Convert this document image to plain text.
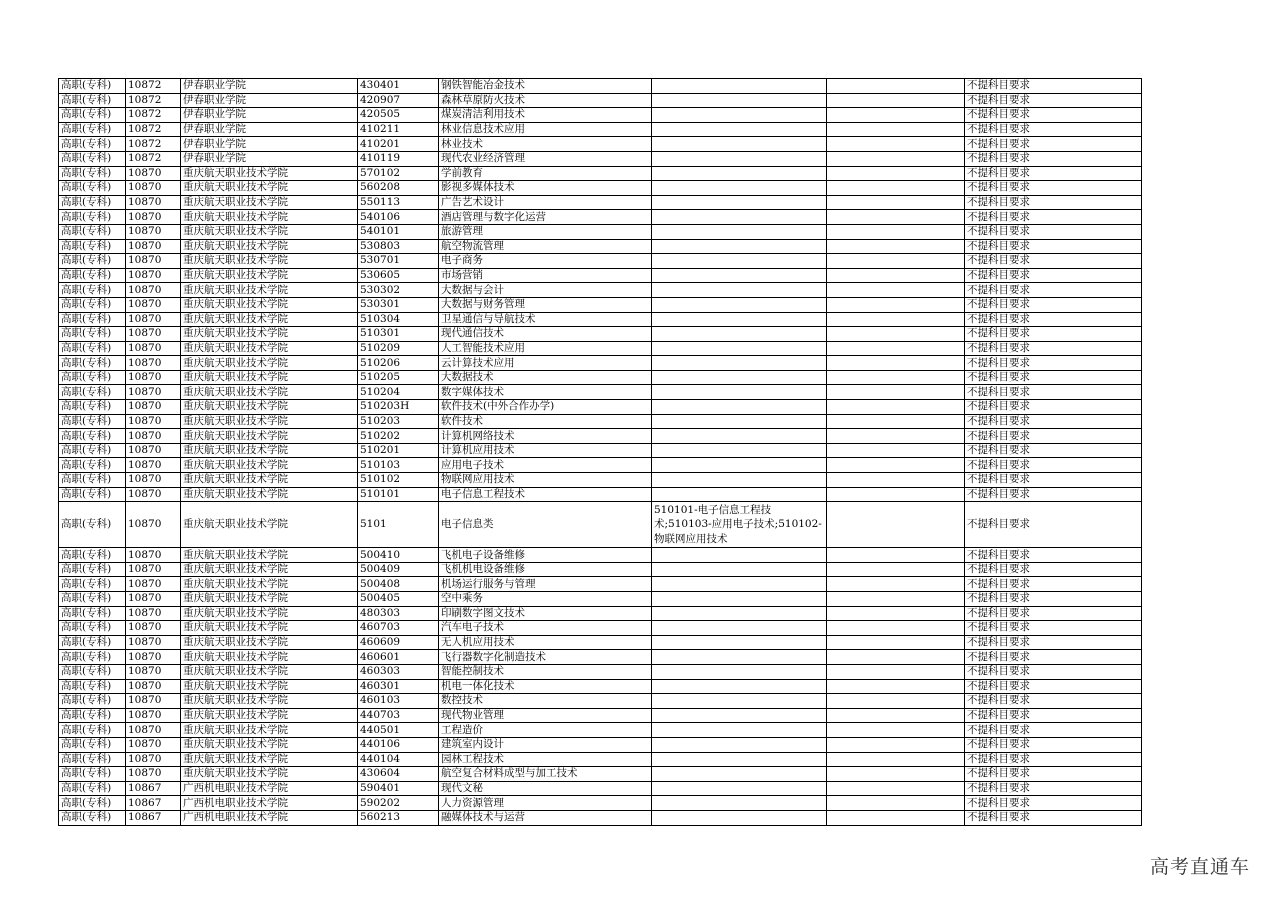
高职(专科)	10872	伊春职业学院	430401	钢铁智能冶金技术			不提科目要求
高职(专科)	10872	伊春职业学院	420907	森林草原防火技术			不提科目要求
高职(专科)	10872	伊春职业学院	420505	煤炭清洁利用技术			不提科目要求
高职(专科)	10872	伊春职业学院	410211	林业信息技术应用			不提科目要求
高职(专科)	10872	伊春职业学院	410201	林业技术			不提科目要求
高职(专科)	10872	伊春职业学院	410119	现代农业经济管理			不提科目要求
高职(专科)	10870	重庆航天职业技术学院	570102	学前教育			不提科目要求
高职(专科)	10870	重庆航天职业技术学院	560208	影视多媒体技术			不提科目要求
高职(专科)	10870	重庆航天职业技术学院	550113	广告艺术设计			不提科目要求
高职(专科)	10870	重庆航天职业技术学院	540106	酒店管理与数字化运营			不提科目要求
高职(专科)	10870	重庆航天职业技术学院	540101	旅游管理			不提科目要求
高职(专科)	10870	重庆航天职业技术学院	530803	航空物流管理			不提科目要求
高职(专科)	10870	重庆航天职业技术学院	530701	电子商务			不提科目要求
高职(专科)	10870	重庆航天职业技术学院	530605	市场营销			不提科目要求
高职(专科)	10870	重庆航天职业技术学院	530302	大数据与会计			不提科目要求
高职(专科)	10870	重庆航天职业技术学院	530301	大数据与财务管理			不提科目要求
高职(专科)	10870	重庆航天职业技术学院	510304	卫星通信与导航技术			不提科目要求
高职(专科)	10870	重庆航天职业技术学院	510301	现代通信技术			不提科目要求
高职(专科)	10870	重庆航天职业技术学院	510209	人工智能技术应用			不提科目要求
高职(专科)	10870	重庆航天职业技术学院	510206	云计算技术应用			不提科目要求
高职(专科)	10870	重庆航天职业技术学院	510205	大数据技术			不提科目要求
高职(专科)	10870	重庆航天职业技术学院	510204	数字媒体技术			不提科目要求
高职(专科)	10870	重庆航天职业技术学院	510203H	软件技术(中外合作办学)			不提科目要求
高职(专科)	10870	重庆航天职业技术学院	510203	软件技术			不提科目要求
高职(专科)	10870	重庆航天职业技术学院	510202	计算机网络技术			不提科目要求
高职(专科)	10870	重庆航天职业技术学院	510201	计算机应用技术			不提科目要求
高职(专科)	10870	重庆航天职业技术学院	510103	应用电子技术			不提科目要求
高职(专科)	10870	重庆航天职业技术学院	510102	物联网应用技术			不提科目要求
高职(专科)	10870	重庆航天职业技术学院	510101	电子信息工程技术			不提科目要求
高职(专科)	10870	重庆航天职业技术学院	5101	电子信息类	510101-电子信息工程技术;510103-应用电子技术;510102-物联网应用技术		不提科目要求
高职(专科)	10870	重庆航天职业技术学院	500410	飞机电子设备维修			不提科目要求
高职(专科)	10870	重庆航天职业技术学院	500409	飞机机电设备维修			不提科目要求
高职(专科)	10870	重庆航天职业技术学院	500408	机场运行服务与管理			不提科目要求
高职(专科)	10870	重庆航天职业技术学院	500405	空中乘务			不提科目要求
高职(专科)	10870	重庆航天职业技术学院	480303	印刷数字图文技术			不提科目要求
高职(专科)	10870	重庆航天职业技术学院	460703	汽车电子技术			不提科目要求
高职(专科)	10870	重庆航天职业技术学院	460609	无人机应用技术			不提科目要求
高职(专科)	10870	重庆航天职业技术学院	460601	飞行器数字化制造技术			不提科目要求
高职(专科)	10870	重庆航天职业技术学院	460303	智能控制技术			不提科目要求
高职(专科)	10870	重庆航天职业技术学院	460301	机电一体化技术			不提科目要求
高职(专科)	10870	重庆航天职业技术学院	460103	数控技术			不提科目要求
高职(专科)	10870	重庆航天职业技术学院	440703	现代物业管理			不提科目要求
高职(专科)	10870	重庆航天职业技术学院	440501	工程造价			不提科目要求
高职(专科)	10870	重庆航天职业技术学院	440106	建筑室内设计			不提科目要求
高职(专科)	10870	重庆航天职业技术学院	440104	园林工程技术			不提科目要求
高职(专科)	10870	重庆航天职业技术学院	430604	航空复合材料成型与加工技术			不提科目要求
高职(专科)	10867	广西机电职业技术学院	590401	现代文秘			不提科目要求
高职(专科)	10867	广西机电职业技术学院	590202	人力资源管理			不提科目要求
高职(专科)	10867	广西机电职业技术学院	560213	融媒体技术与运营			不提科目要求
高考直通车
